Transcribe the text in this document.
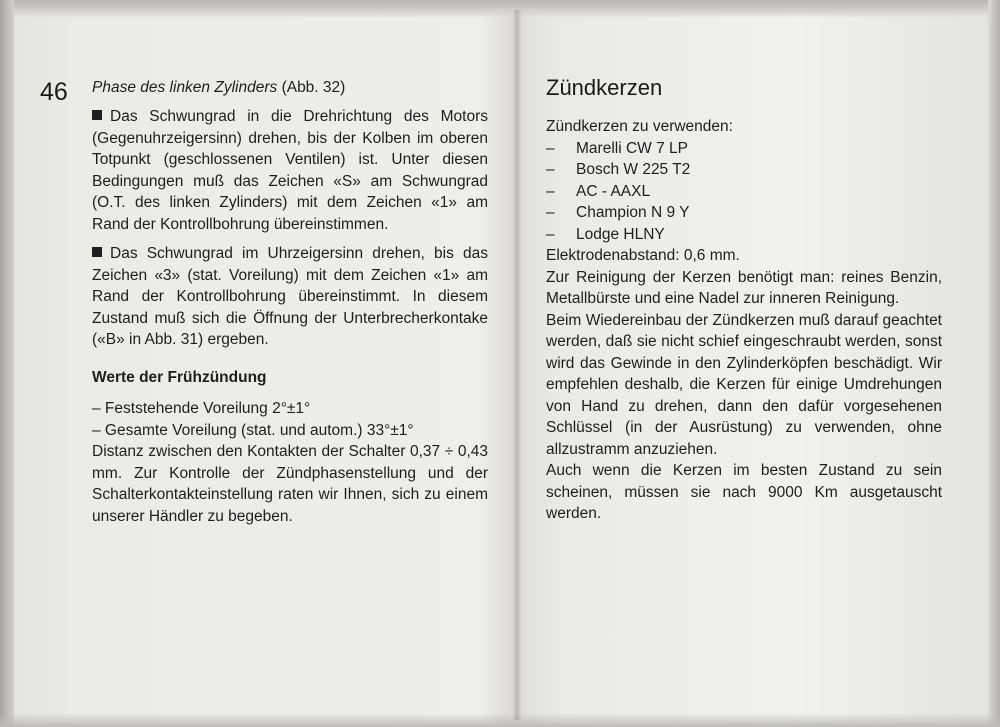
46 Phase des linken Zylinders (Abb. 32)

Das Schwungrad in die Drehrichtung des Motors (Gegenuhrzeigersinn) drehen, bis der Kolben im oberen Totpunkt (geschlossenen Ventilen) ist. Unter diesen Bedingungen muß das Zeichen «S» am Schwungrad (O.T. des linken Zylinders) mit dem Zeichen «1» am Rand der Kontrollbohrung übereinstimmen.

Das Schwungrad im Uhrzeigersinn drehen, bis das Zeichen «3» (stat. Voreilung) mit dem Zeichen «1» am Rand der Kontrollbohrung übereinstimmt. In diesem Zustand muß sich die Öffnung der Unterbrecherkontake («B» in Abb. 31) ergeben.

Werte der Frühzündung

– Feststehende Voreilung 2°±1°

– Gesamte Voreilung (stat. und autom.) 33°±1°

Distanz zwischen den Kontakten der Schalter 0,37 ÷ 0,43 mm. Zur Kontrolle der Zündphasenstellung und der Schalterkontakteinstellung raten wir Ihnen, sich zu einem unserer Händler zu begeben.

Zündkerzen

Zündkerzen zu verwenden:

– Marelli CW 7 LP

– Bosch W 225 T2

– AC - AAXL

– Champion N 9 Y

– Lodge HLNY

Elektrodenabstand: 0,6 mm.

Zur Reinigung der Kerzen benötigt man: reines Benzin, Metallbürste und eine Nadel zur inneren Reinigung.

Beim Wiedereinbau der Zündkerzen muß darauf geachtet werden, daß sie nicht schief eingeschraubt werden, sonst wird das Gewinde in den Zylinderköpfen beschädigt. Wir empfehlen deshalb, die Kerzen für einige Umdrehungen von Hand zu drehen, dann den dafür vorgesehenen Schlüssel (in der Ausrüstung) zu verwenden, ohne allzustramm anzuziehen.

Auch wenn die Kerzen im besten Zustand zu sein scheinen, müssen sie nach 9000 Km ausgetauscht werden.
